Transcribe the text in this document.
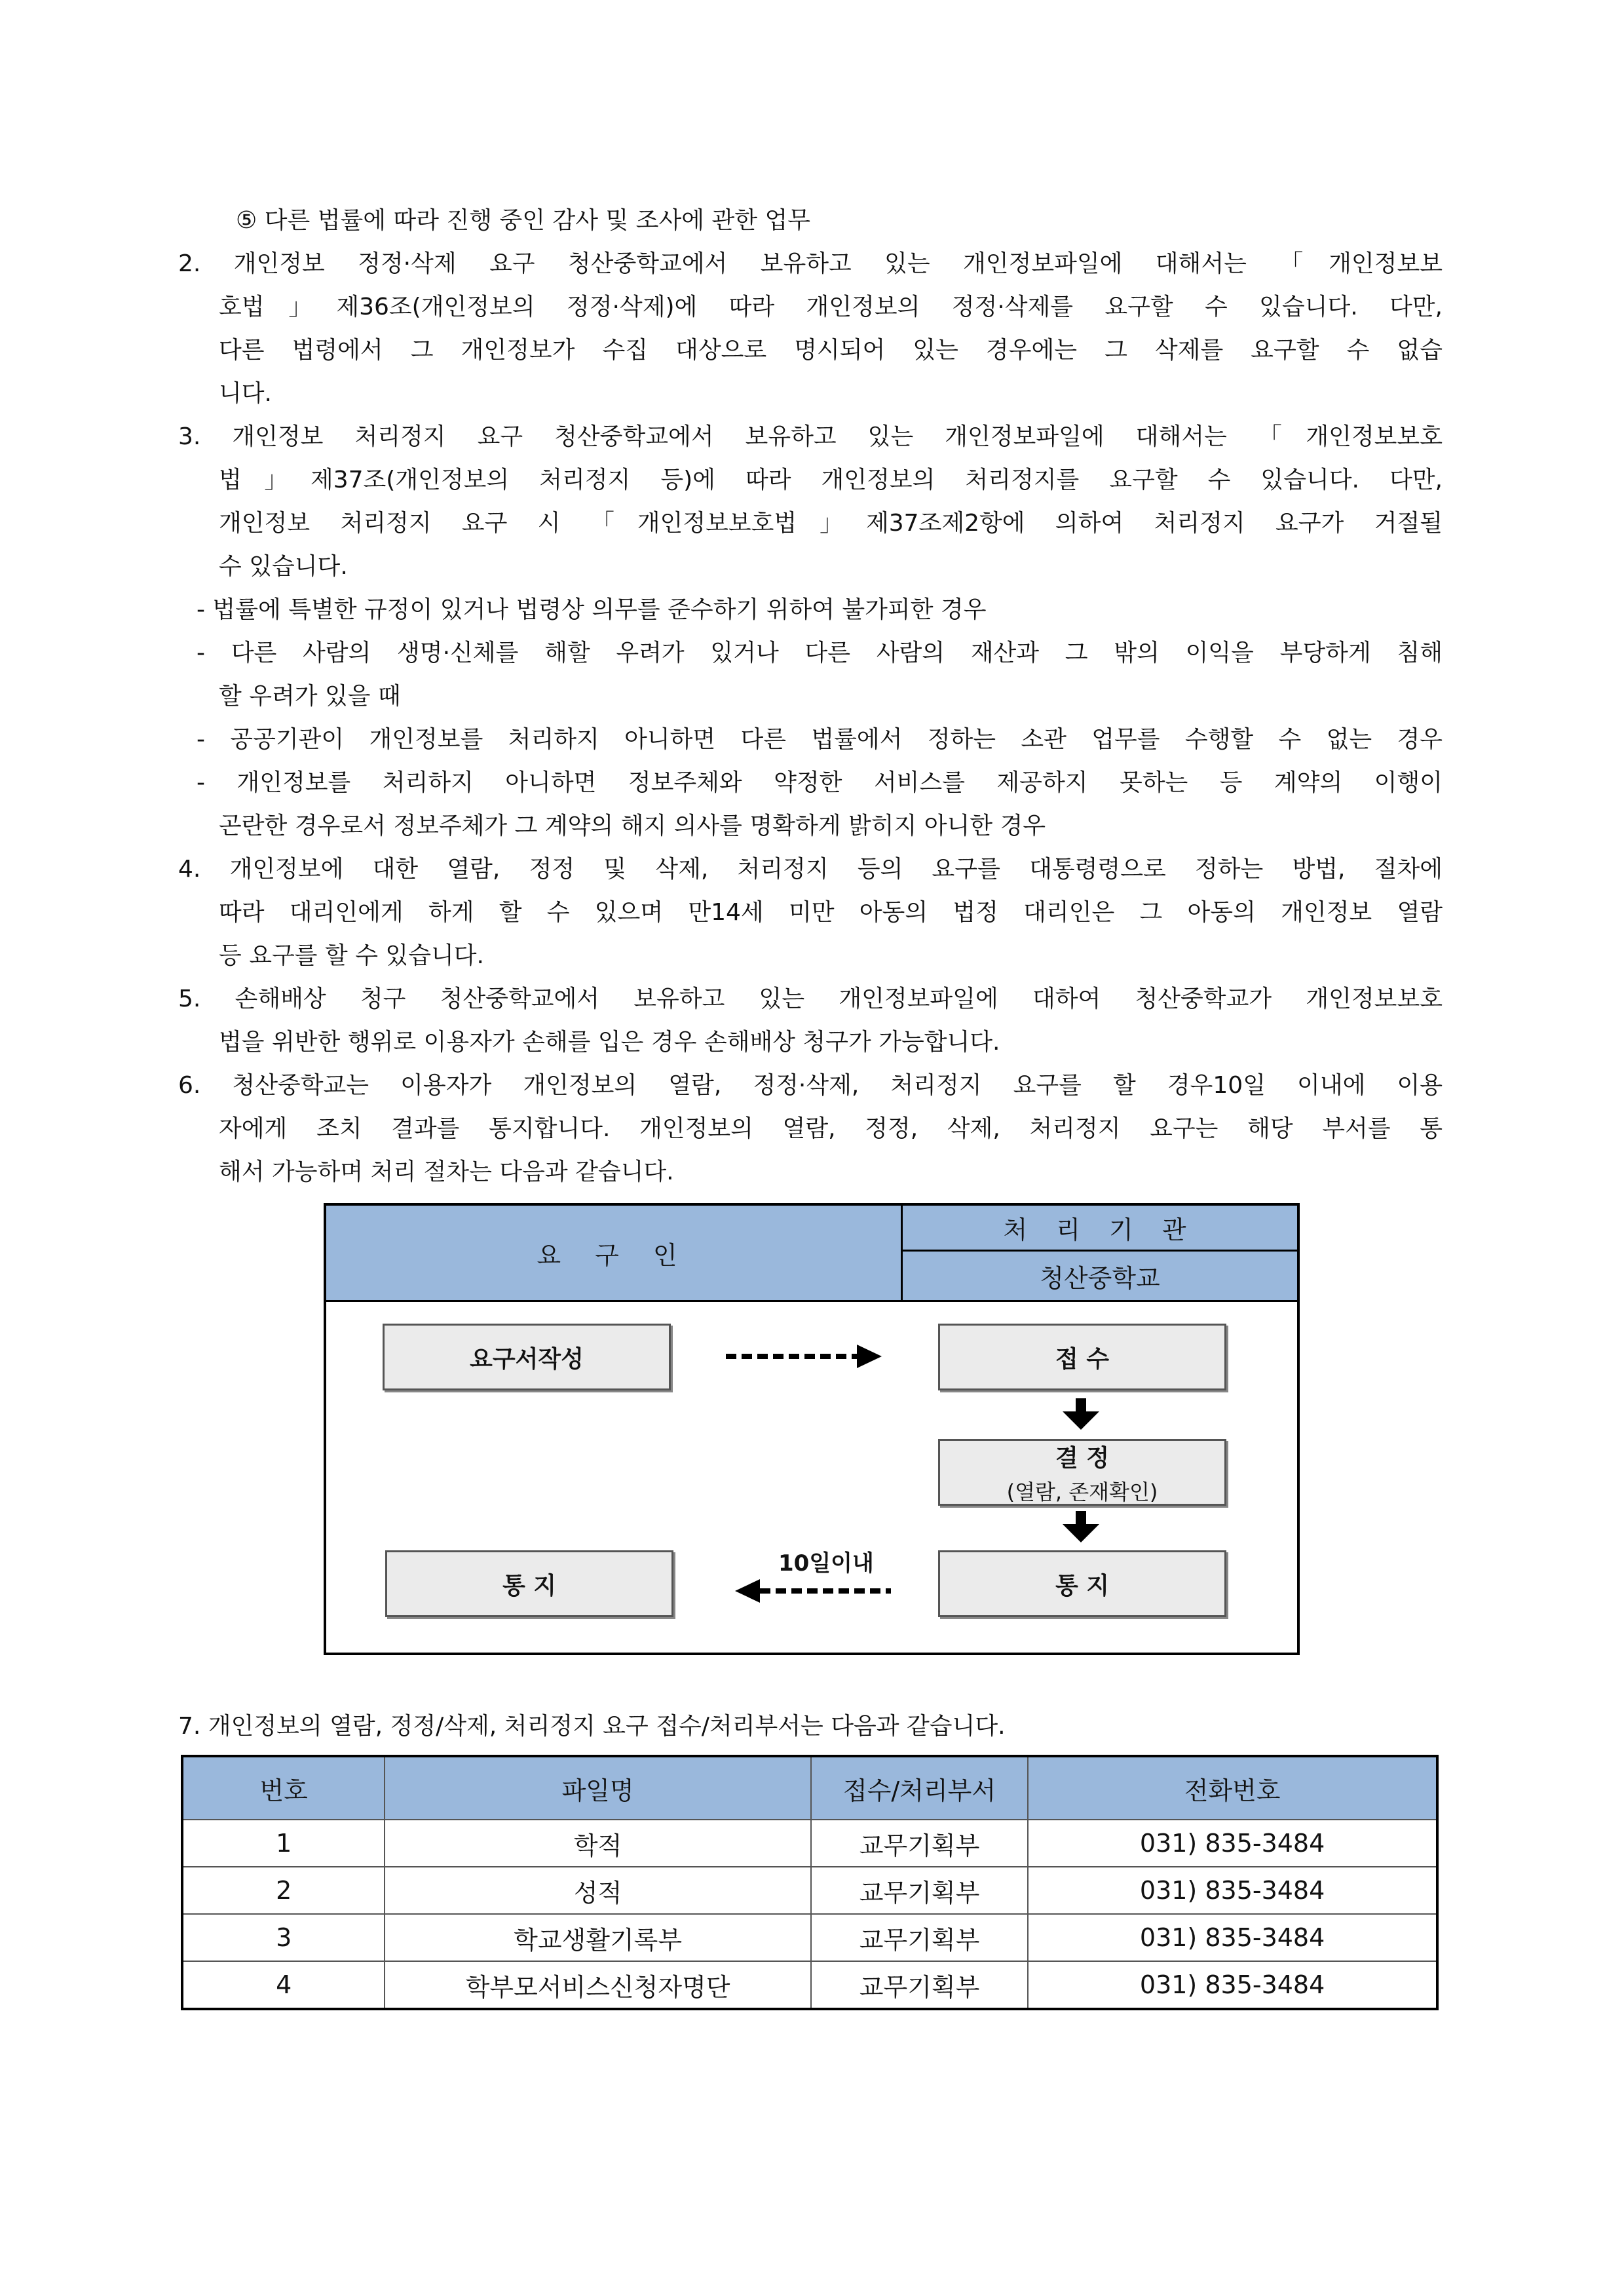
⑤ 다른 법률에 따라 진행 중인 감사 및 조사에 관한 업무
2. 개인정보 정정·삭제 요구 청산중학교에서 보유하고 있는 개인정보파일에 대해서는 「개인정보보
호법」제36조(개인정보의 정정·삭제)에 따라 개인정보의 정정·삭제를 요구할 수 있습니다. 다만,
다른 법령에서 그 개인정보가 수집 대상으로 명시되어 있는 경우에는 그 삭제를 요구할 수 없습
니다.
3. 개인정보 처리정지 요구 청산중학교에서 보유하고 있는 개인정보파일에 대해서는 「개인정보보호
법」제37조(개인정보의 처리정지 등)에 따라 개인정보의 처리정지를 요구할 수 있습니다. 다만,
개인정보 처리정지 요구 시 「개인정보보호법」제37조제2항에 의하여 처리정지 요구가 거절될
수 있습니다.
- 법률에 특별한 규정이 있거나 법령상 의무를 준수하기 위하여 불가피한 경우
- 다른 사람의 생명·신체를 해할 우려가 있거나 다른 사람의 재산과 그 밖의 이익을 부당하게 침해
할 우려가 있을 때
- 공공기관이 개인정보를 처리하지 아니하면 다른 법률에서 정하는 소관 업무를 수행할 수 없는 경우
- 개인정보를 처리하지 아니하면 정보주체와 약정한 서비스를 제공하지 못하는 등 계약의 이행이
곤란한 경우로서 정보주체가 그 계약의 해지 의사를 명확하게 밝히지 아니한 경우
4. 개인정보에 대한 열람, 정정 및 삭제, 처리정지 등의 요구를 대통령령으로 정하는 방법, 절차에
따라 대리인에게 하게 할 수 있으며 만14세 미만 아동의 법정 대리인은 그 아동의 개인정보 열람
등 요구를 할 수 있습니다.
5. 손해배상 청구 청산중학교에서 보유하고 있는 개인정보파일에 대하여 청산중학교가 개인정보보호
법을 위반한 행위로 이용자가 손해를 입은 경우 손해배상 청구가 가능합니다.
6. 청산중학교는 이용자가 개인정보의 열람, 정정·삭제, 처리정지 요구를 할 경우10일 이내에 이용
자에게 조치 결과를 통지합니다. 개인정보의 열람, 정정, 삭제, 처리정지 요구는 해당 부서를 통
해서 가능하며 처리 절차는 다음과 같습니다.
요 구 인
처 리 기 관
청산중학교
요구서작성	접 수
결 정
(열람, 존재확인)
통 지
통 지
10일이내
7. 개인정보의 열람, 정정/삭제, 처리정지 요구 접수/처리부서는 다음과 같습니다.
번호	파일명	접수/처리부서	전화번호
1	학적	교무기획부	031) 835-3484
2	성적	교무기획부	031) 835-3484
3	학교생활기록부	교무기획부	031) 835-3484
4	학부모서비스신청자명단	교무기획부	031) 835-3484
